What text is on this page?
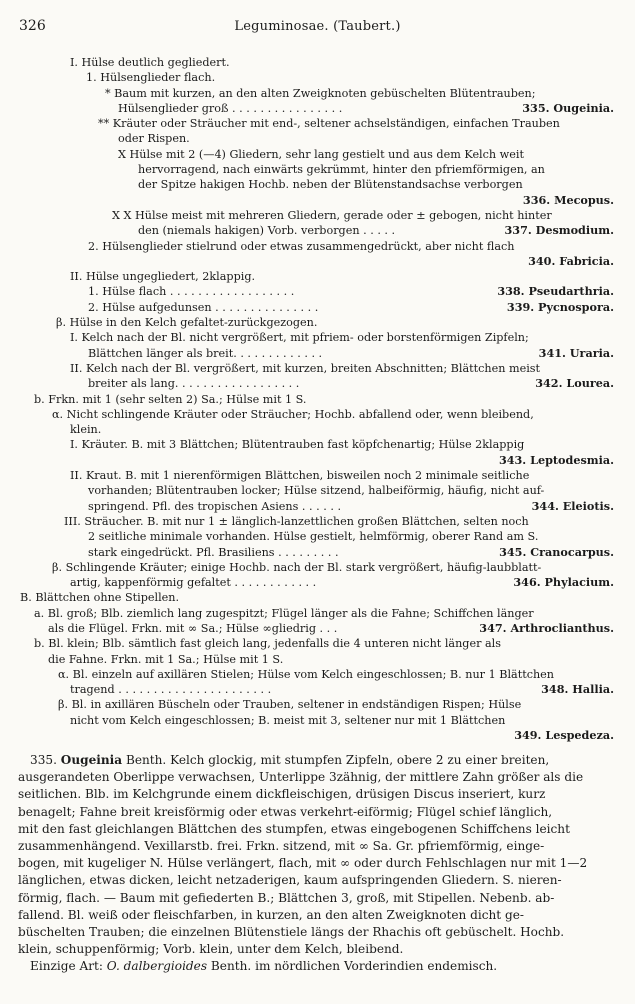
326	Leguminosae. (Taubert.)
I. Hülse deutlich gegliedert.
1. Hülsenglieder flach.
* Baum mit kurzen, an den alten Zweigknoten gebüschelten Blütentrauben;
Hülsenglieder groß . . . . . . . . . . . . . . . .	335. Ougeinia.
** Kräuter oder Sträucher mit end-, seltener achselständigen, einfachen Trauben
oder Rispen.
X Hülse mit 2 (—4) Gliedern, sehr lang gestielt und aus dem Kelch weit
hervorragend, nach einwärts gekrümmt, hinter den pfriemförmigen, an
der Spitze hakigen Hochb. neben der Blütenstandsachse verborgen
336. Mecopus.
X X Hülse meist mit mehreren Gliedern, gerade oder ± gebogen, nicht hinter
den (niemals hakigen) Vorb. verborgen . . . . .	337. Desmodium.
2. Hülsenglieder stielrund oder etwas zusammengedrückt, aber nicht flach
340. Fabricia.
II. Hülse ungegliedert, 2klappig.
1. Hülse flach . . . . . . . . . . . . . . . . . .	338. Pseudarthria.
2. Hülse aufgedunsen . . . . . . . . . . . . . . .	339. Pycnospora.
β. Hülse in den Kelch gefaltet-zurückgezogen.
I. Kelch nach der Bl. nicht vergrößert, mit pfriem- oder borstenförmigen Zipfeln;
Blättchen länger als breit. . . . . . . . . . . . .	341. Uraria.
II. Kelch nach der Bl. vergrößert, mit kurzen, breiten Abschnitten; Blättchen meist
breiter als lang. . . . . . . . . . . . . . . . . .	342. Lourea.
b. Frkn. mit 1 (sehr selten 2) Sa.; Hülse mit 1 S.
α. Nicht schlingende Kräuter oder Sträucher; Hochb. abfallend oder, wenn bleibend,
klein.
I. Kräuter. B. mit 3 Blättchen; Blütentrauben fast köpfchenartig; Hülse 2klappig
343. Leptodesmia.
II. Kraut. B. mit 1 nierenförmigen Blättchen, bisweilen noch 2 minimale seitliche
vorhanden; Blütentrauben locker; Hülse sitzend, halbeiförmig, häufig, nicht auf-
springend. Pfl. des tropischen Asiens . . . . . .	344. Eleiotis.
III. Sträucher. B. mit nur 1 ± länglich-lanzettlichen großen Blättchen, selten noch
2 seitliche minimale vorhanden. Hülse gestielt, helmförmig, oberer Rand am S.
stark eingedrückt. Pfl. Brasiliens . . . . . . . . .	345. Cranocarpus.
β. Schlingende Kräuter; einige Hochb. nach der Bl. stark vergrößert, häufig-laubblatt-
artig, kappenförmig gefaltet . . . . . . . . . . . .	346. Phylacium.
B. Blättchen ohne Stipellen.
a. Bl. groß; Blb. ziemlich lang zugespitzt; Flügel länger als die Fahne; Schiffchen länger
als die Flügel. Frkn. mit ∞ Sa.; Hülse ∞gliedrig . . .	347. Arthroclianthus.
b. Bl. klein; Blb. sämtlich fast gleich lang, jedenfalls die 4 unteren nicht länger als
die Fahne. Frkn. mit 1 Sa.; Hülse mit 1 S.
α. Bl. einzeln auf axillären Stielen; Hülse vom Kelch eingeschlossen; B. nur 1 Blättchen
tragend . . . . . . . . . . . . . . . . . . . . . .	348. Hallia.
β. Bl. in axillären Büscheln oder Trauben, seltener in endständigen Rispen; Hülse
nicht vom Kelch eingeschlossen; B. meist mit 3, seltener nur mit 1 Blättchen
349. Lespedeza.
335. Ougeinia Benth. Kelch glockig, mit stumpfen Zipfeln, obere 2 zu einer breiten,
ausgerandeten Oberlippe verwachsen, Unterlippe 3zähnig, der mittlere Zahn größer als die
seitlichen. Blb. im Kelchgrunde einem dickfleischigen, drüsigen Discus inseriert, kurz
benagelt; Fahne breit kreisförmig oder etwas verkehrt-eiförmig; Flügel schief länglich,
mit den fast gleichlangen Blättchen des stumpfen, etwas eingebogenen Schiffchens leicht
zusammenhängend. Vexillarstb. frei. Frkn. sitzend, mit ∞ Sa. Gr. pfriemförmig, einge-
bogen, mit kugeliger N. Hülse verlängert, flach, mit ∞ oder durch Fehlschlagen nur mit 1—2
länglichen, etwas dicken, leicht netzaderigen, kaum aufspringenden Gliedern. S. nieren-
förmig, flach. — Baum mit gefiederten B.; Blättchen 3, groß, mit Stipellen. Nebenb. ab-
fallend. Bl. weiß oder fleischfarben, in kurzen, an den alten Zweigknoten dicht ge-
büschelten Trauben; die einzelnen Blütenstiele längs der Rhachis oft gebüschelt. Hochb.
klein, schuppenförmig; Vorb. klein, unter dem Kelch, bleibend.
Einzige Art: O. dalbergioides Benth. im nördlichen Vorderindien endemisch.
